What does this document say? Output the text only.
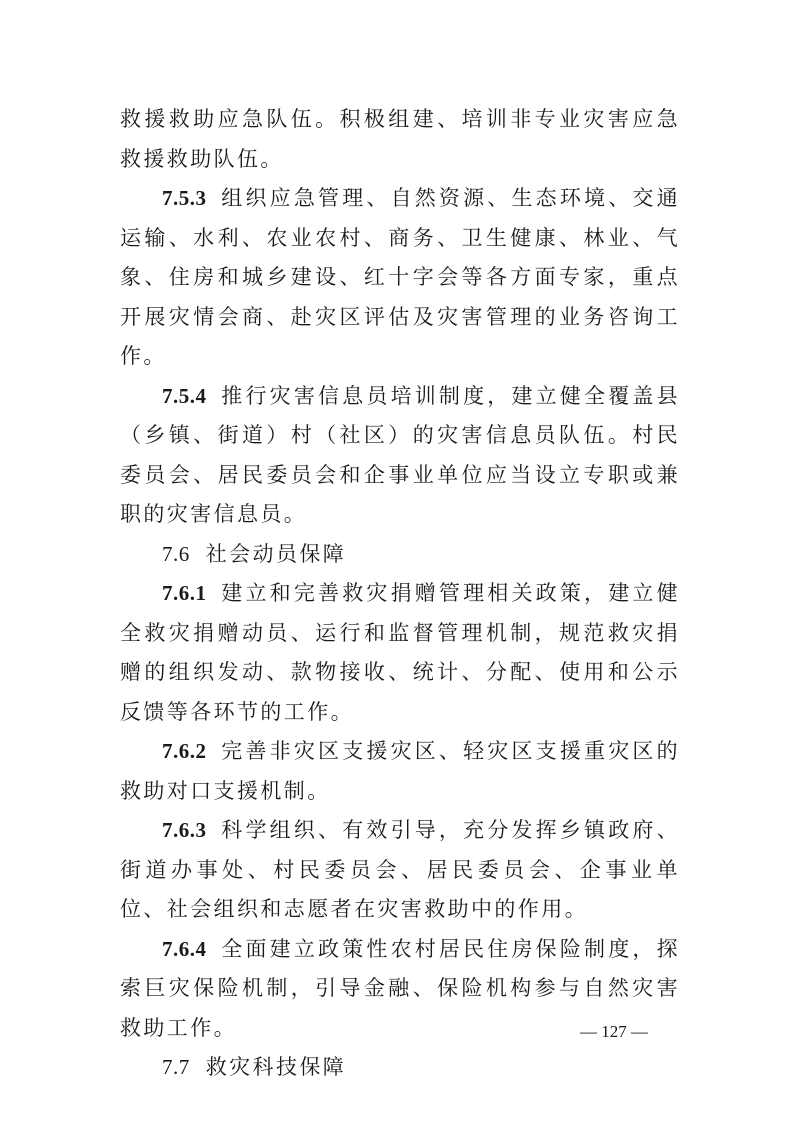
救援救助应急队伍。积极组建、培训非专业灾害应急救援救助队伍。

7.5.3 组织应急管理、自然资源、生态环境、交通运输、水利、农业农村、商务、卫生健康、林业、气象、住房和城乡建设、红十字会等各方面专家，重点开展灾情会商、赴灾区评估及灾害管理的业务咨询工作。

7.5.4 推行灾害信息员培训制度，建立健全覆盖县（乡镇、街道）村（社区）的灾害信息员队伍。村民委员会、居民委员会和企事业单位应当设立专职或兼职的灾害信息员。

7.6 社会动员保障

7.6.1 建立和完善救灾捐赠管理相关政策，建立健全救灾捐赠动员、运行和监督管理机制，规范救灾捐赠的组织发动、款物接收、统计、分配、使用和公示反馈等各环节的工作。

7.6.2 完善非灾区支援灾区、轻灾区支援重灾区的救助对口支援机制。

7.6.3 科学组织、有效引导，充分发挥乡镇政府、街道办事处、村民委员会、居民委员会、企事业单位、社会组织和志愿者在灾害救助中的作用。

7.6.4 全面建立政策性农村居民住房保险制度，探索巨灾保险机制，引导金融、保险机构参与自然灾害救助工作。

7.7 救灾科技保障

— 127 —
